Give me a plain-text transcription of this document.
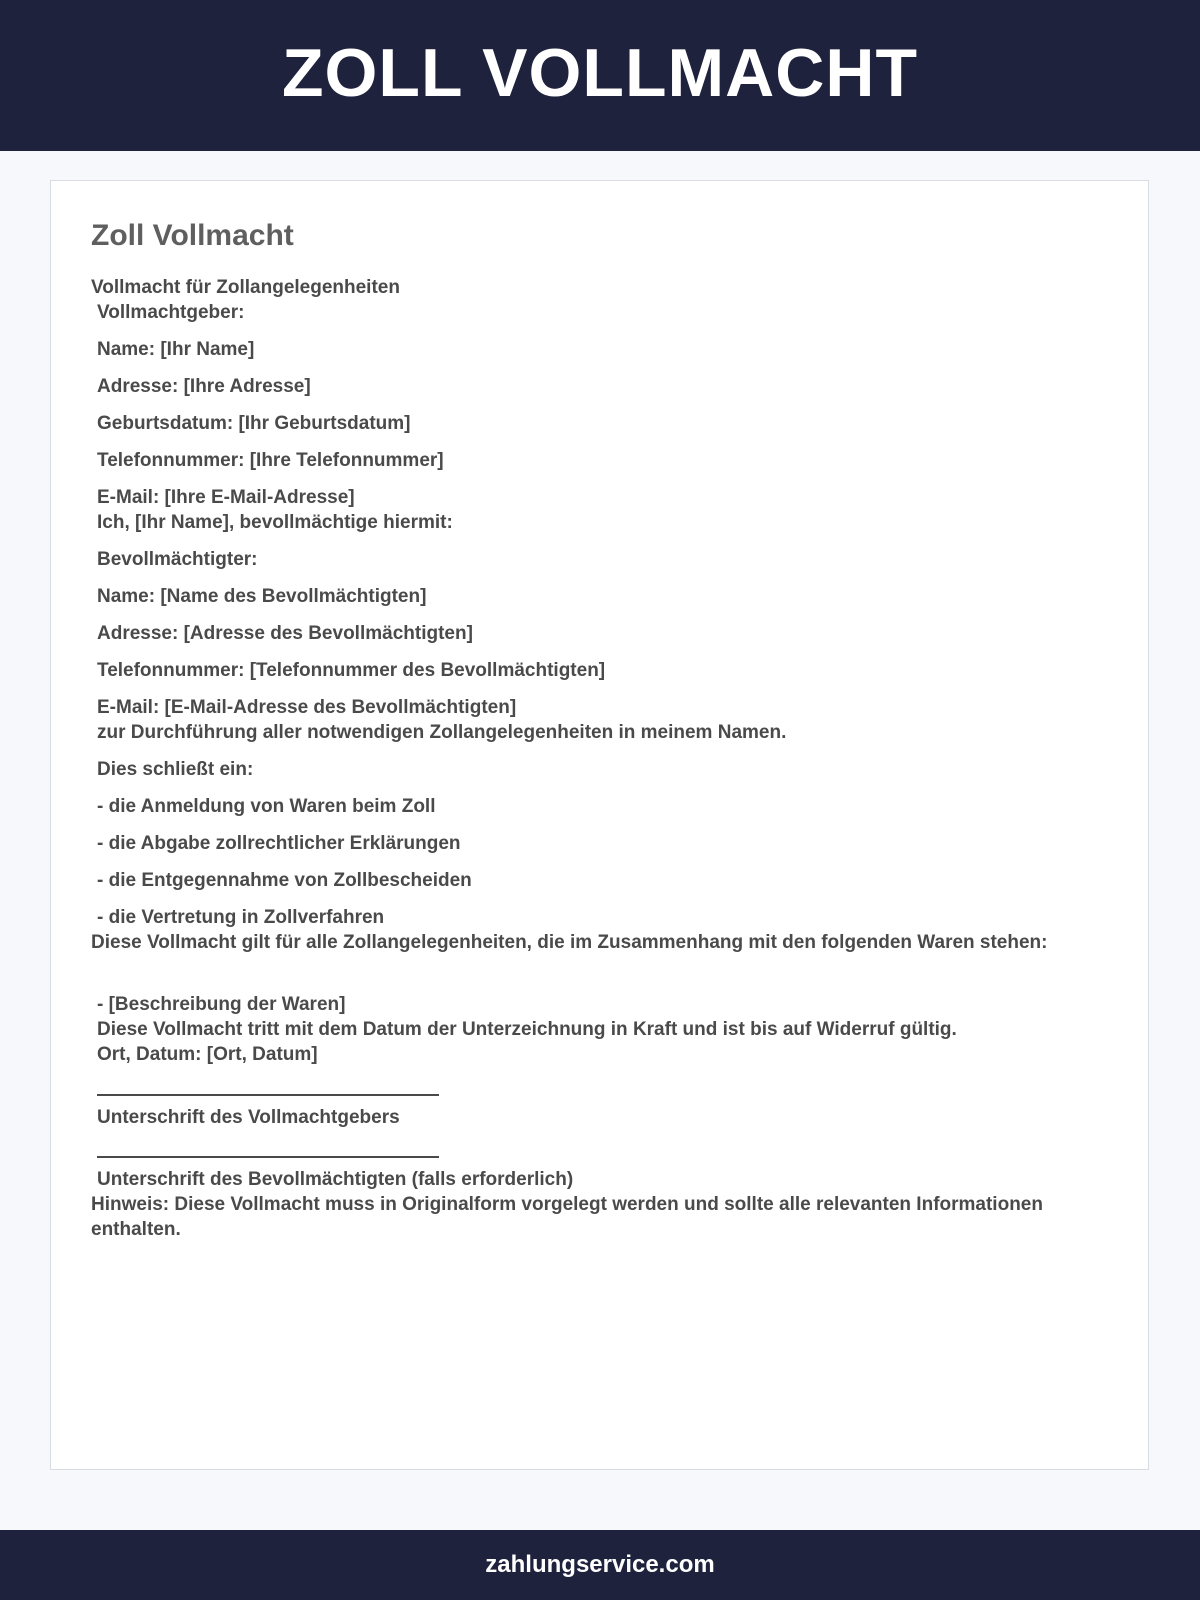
ZOLL VOLLMACHT
Zoll Vollmacht
Vollmacht für Zollangelegenheiten
Vollmachtgeber:
Name: [Ihr Name]
Adresse: [Ihre Adresse]
Geburtsdatum: [Ihr Geburtsdatum]
Telefonnummer: [Ihre Telefonnummer]
E-Mail: [Ihre E-Mail-Adresse]
Ich, [Ihr Name], bevollmächtige hiermit:
Bevollmächtigter:
Name: [Name des Bevollmächtigten]
Adresse: [Adresse des Bevollmächtigten]
Telefonnummer: [Telefonnummer des Bevollmächtigten]
E-Mail: [E-Mail-Adresse des Bevollmächtigten]
zur Durchführung aller notwendigen Zollangelegenheiten in meinem Namen.
Dies schließt ein:
- die Anmeldung von Waren beim Zoll
- die Abgabe zollrechtlicher Erklärungen
- die Entgegennahme von Zollbescheiden
- die Vertretung in Zollverfahren
Diese Vollmacht gilt für alle Zollangelegenheiten, die im Zusammenhang mit den folgenden Waren stehen:
- [Beschreibung der Waren]
Diese Vollmacht tritt mit dem Datum der Unterzeichnung in Kraft und ist bis auf Widerruf gültig.
Ort, Datum: [Ort, Datum]
Unterschrift des Vollmachtgebers
Unterschrift des Bevollmächtigten (falls erforderlich)
Hinweis: Diese Vollmacht muss in Originalform vorgelegt werden und sollte alle relevanten Informationen enthalten.
zahlungservice.com
